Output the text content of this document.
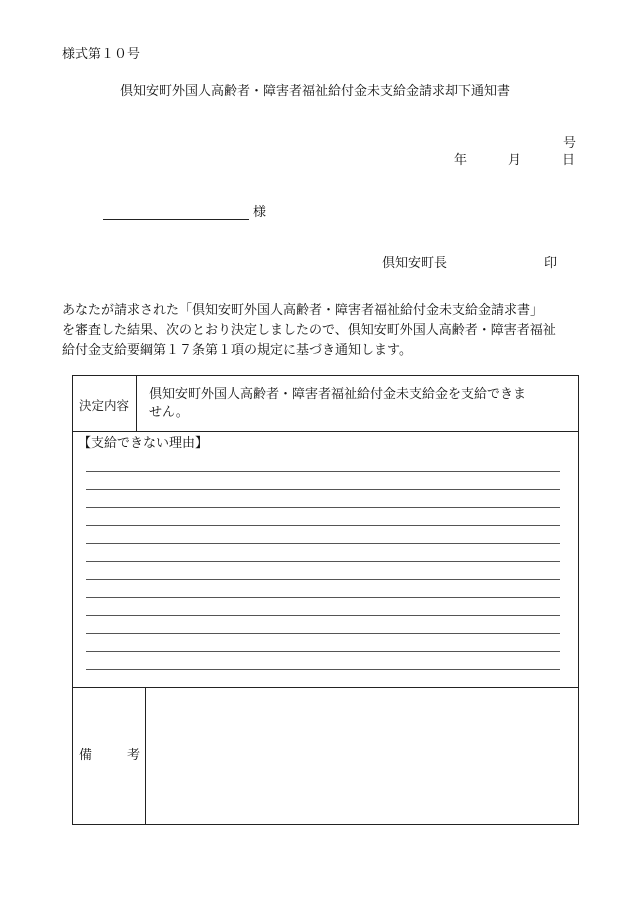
様式第１０号
倶知安町外国人高齢者・障害者福祉給付金未支給金請求却下通知書
号
年	月	日
様
倶知安町長	印
あなたが請求された「倶知安町外国人高齢者・障害者福祉給付金未支給金請求書」
を審査した結果、次のとおり決定しましたので、倶知安町外国人高齢者・障害者福祉
給付金支給要綱第１７条第１項の規定に基づき通知します。
決定内容
倶知安町外国人高齢者・障害者福祉給付金未支給金を支給できま
せん。
【支給できない理由】
備	考
